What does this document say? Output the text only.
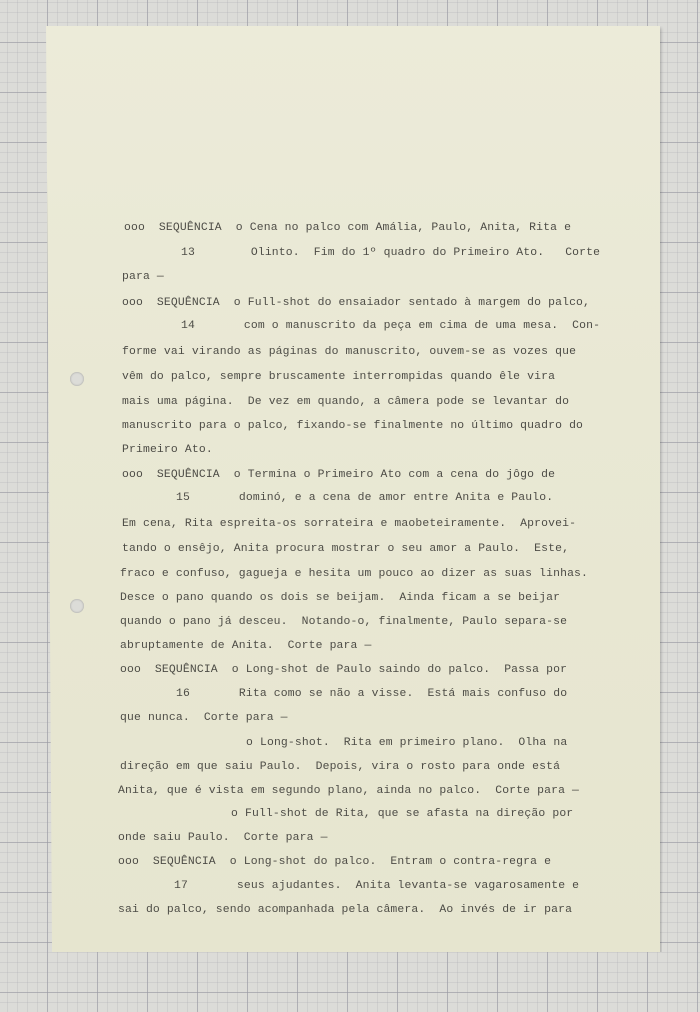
ooo  SEQUÊNCIA  o Cena no palco com Amália, Paulo, Anita, Rita e
13        Olinto.  Fim do 1º quadro do Primeiro Ato.   Corte
para —
ooo  SEQUÊNCIA  o Full-shot do ensaiador sentado à margem do palco,
14       com o manuscrito da peça em cima de uma mesa.  Con-
forme vai virando as páginas do manuscrito, ouvem-se as vozes que
vêm do palco, sempre bruscamente interrompidas quando êle vira
mais uma página.  De vez em quando, a câmera pode se levantar do
manuscrito para o palco, fixando-se finalmente no último quadro do
Primeiro Ato.
ooo  SEQUÊNCIA  o Termina o Primeiro Ato com a cena do jôgo de
15       dominó, e a cena de amor entre Anita e Paulo.
Em cena, Rita espreita-os sorrateira e maobeteiramente.  Aprovei-
tando o ensêjo, Anita procura mostrar o seu amor a Paulo.  Este,
fraco e confuso, gagueja e hesita um pouco ao dizer as suas linhas.
Desce o pano quando os dois se beijam.  Ainda ficam a se beijar
quando o pano já desceu.  Notando-o, finalmente, Paulo separa-se
abruptamente de Anita.  Corte para —
ooo  SEQUÊNCIA  o Long-shot de Paulo saindo do palco.  Passa por
16       Rita como se não a visse.  Está mais confuso do
que nunca.  Corte para —
o Long-shot.  Rita em primeiro plano.  Olha na
direção em que saiu Paulo.  Depois, vira o rosto para onde está
Anita, que é vista em segundo plano, ainda no palco.  Corte para —
o Full-shot de Rita, que se afasta na direção por
onde saiu Paulo.  Corte para —
ooo  SEQUÊNCIA  o Long-shot do palco.  Entram o contra-regra e
17       seus ajudantes.  Anita levanta-se vagarosamente e
sai do palco, sendo acompanhada pela câmera.  Ao invés de ir para
